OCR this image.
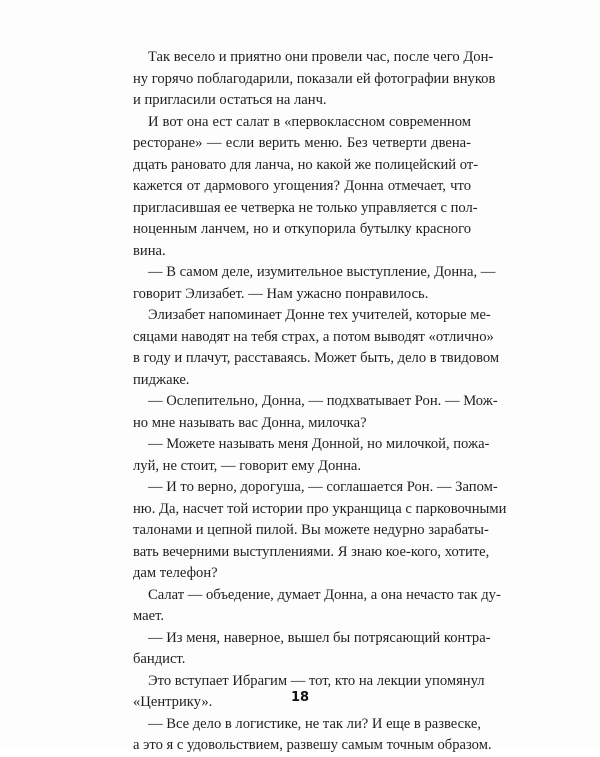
Так весело и приятно они провели час, после чего Дон-
ну горячо поблагодарили, показали ей фотографии внуков
и пригласили остаться на ланч.
И вот она ест салат в «первоклассном современном
ресторане» — если верить меню. Без четверти двена-
дцать рановато для ланча, но какой же полицейский от-
кажется от дармового угощения? Донна отмечает, что
пригласившая ее четверка не только управляется с пол-
ноценным ланчем, но и откупорила бутылку красного
вина.
— В самом деле, изумительное выступление, Донна, —
говорит Элизабет. — Нам ужасно понравилось.
Элизабет напоминает Донне тех учителей, которые ме-
сяцами наводят на тебя страх, а потом выводят «отлично»
в году и плачут, расставаясь. Может быть, дело в твидовом
пиджаке.
— Ослепительно, Донна, — подхватывает Рон. — Мож-
но мне называть вас Донна, милочка?
— Можете называть меня Донной, но милочкой, пожа-
луй, не стоит, — говорит ему Донна.
— И то верно, дорогуша, — соглашается Рон. — Запом-
ню. Да, насчет той истории про укранщица с парковочными
талонами и цепной пилой. Вы можете недурно зарабаты-
вать вечерними выступлениями. Я знаю кое-кого, хотите,
дам телефон?
Салат — объедение, думает Донна, а она нечасто так ду-
мает.
— Из меня, наверное, вышел бы потрясающий контра-
бандист.
Это вступает Ибрагим — тот, кто на лекции упомянул
«Центрику».
— Все дело в логистике, не так ли? И еще в развеске,
а это я с удовольствием, развешу самым точным образом.
18
